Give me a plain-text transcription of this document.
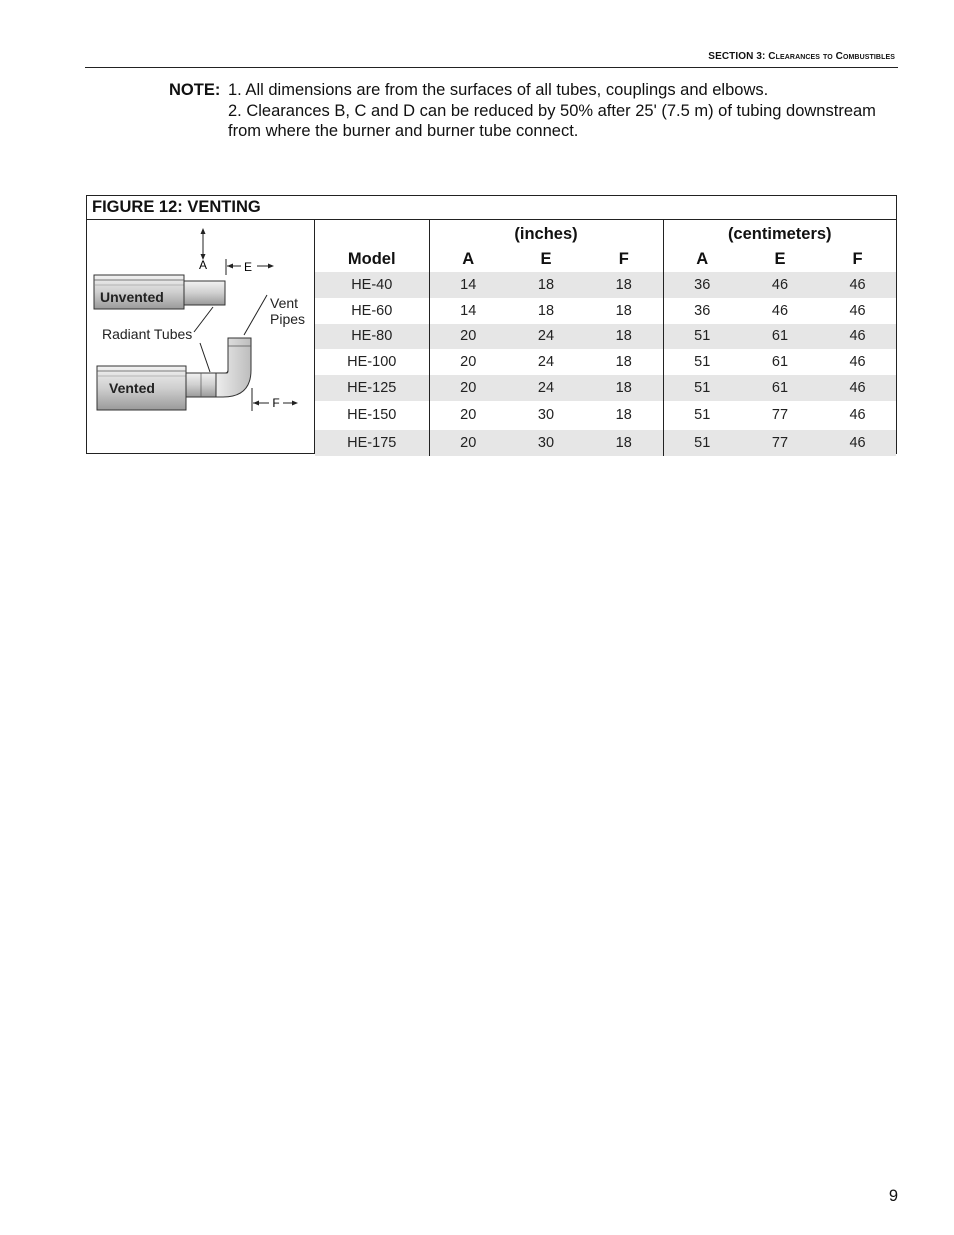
SECTION 3: Clearances to Combustibles
NOTE: 1. All dimensions are from the surfaces of all tubes, couplings and elbows.
2. Clearances B, C and D can be reduced by 50% after 25' (7.5 m) of tubing downstream
from where the burner and burner tube connect.
FIGURE 12: VENTING
A	E
Unvented
Radiant Tubes
Vent
Pipes
Vented
F
	(inches)			(centimeters)		
Model	A	E	F	A	E	F
HE-40	14	18	18	36	46	46
HE-60	14	18	18	36	46	46
HE-80	20	24	18	51	61	46
HE-100	20	24	18	51	61	46
HE-125	20	24	18	51	61	46
HE-150	20	30	18	51	77	46
HE-175	20	30	18	51	77	46
9
